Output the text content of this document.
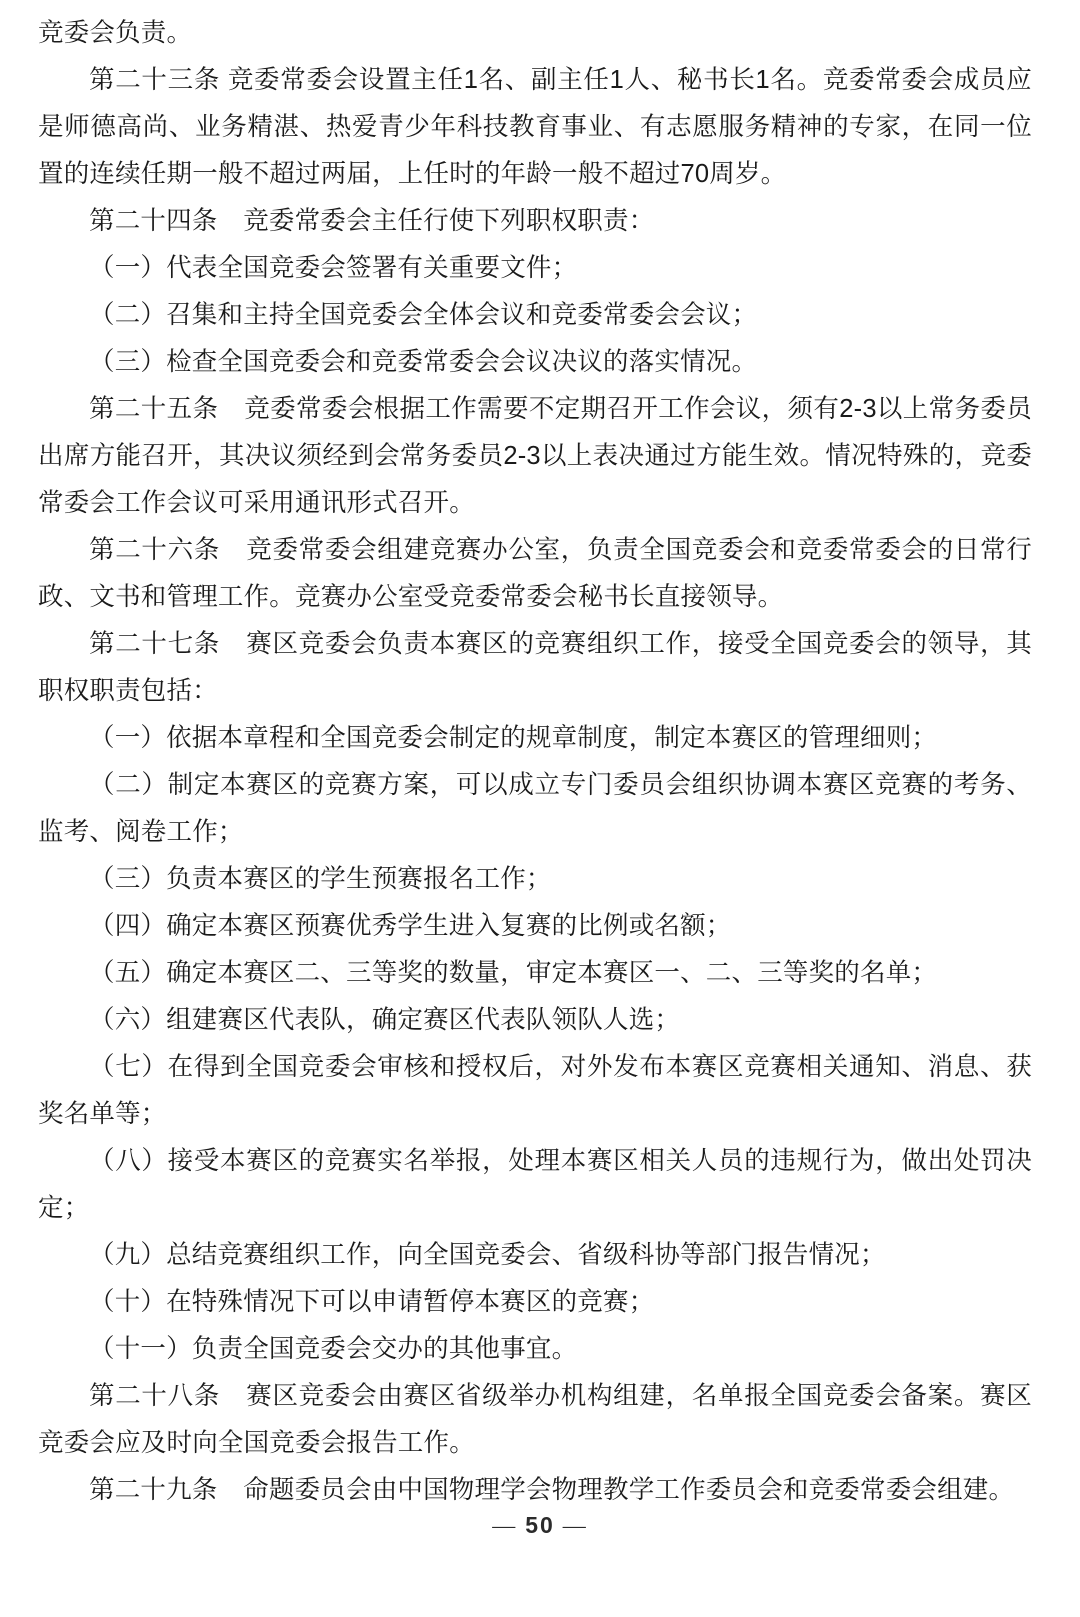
竞委会负责。

第二十三条 竞委常委会设置主任1名、副主任1人、秘书长1名。竞委常委会成员应是师德高尚、业务精湛、热爱青少年科技教育事业、有志愿服务精神的专家，在同一位置的连续任期一般不超过两届，上任时的年龄一般不超过70周岁。

第二十四条　竞委常委会主任行使下列职权职责：

（一）代表全国竞委会签署有关重要文件；

（二）召集和主持全国竞委会全体会议和竞委常委会会议；

（三）检查全国竞委会和竞委常委会会议决议的落实情况。

第二十五条　竞委常委会根据工作需要不定期召开工作会议，须有2-3以上常务委员出席方能召开，其决议须经到会常务委员2-3以上表决通过方能生效。情况特殊的，竞委常委会工作会议可采用通讯形式召开。

第二十六条　竞委常委会组建竞赛办公室，负责全国竞委会和竞委常委会的日常行政、文书和管理工作。竞赛办公室受竞委常委会秘书长直接领导。

第二十七条　赛区竞委会负责本赛区的竞赛组织工作，接受全国竞委会的领导，其职权职责包括：

（一）依据本章程和全国竞委会制定的规章制度，制定本赛区的管理细则；

（二）制定本赛区的竞赛方案，可以成立专门委员会组织协调本赛区竞赛的考务、监考、阅卷工作；

（三）负责本赛区的学生预赛报名工作；

（四）确定本赛区预赛优秀学生进入复赛的比例或名额；

（五）确定本赛区二、三等奖的数量，审定本赛区一、二、三等奖的名单；

（六）组建赛区代表队，确定赛区代表队领队人选；

（七）在得到全国竞委会审核和授权后，对外发布本赛区竞赛相关通知、消息、获奖名单等；

（八）接受本赛区的竞赛实名举报，处理本赛区相关人员的违规行为，做出处罚决定；

（九）总结竞赛组织工作，向全国竞委会、省级科协等部门报告情况；

（十）在特殊情况下可以申请暂停本赛区的竞赛；

（十一）负责全国竞委会交办的其他事宜。

第二十八条　赛区竞委会由赛区省级举办机构组建，名单报全国竞委会备案。赛区竞委会应及时向全国竞委会报告工作。

第二十九条　命题委员会由中国物理学会物理教学工作委员会和竞委常委会组建。

— 50 —
